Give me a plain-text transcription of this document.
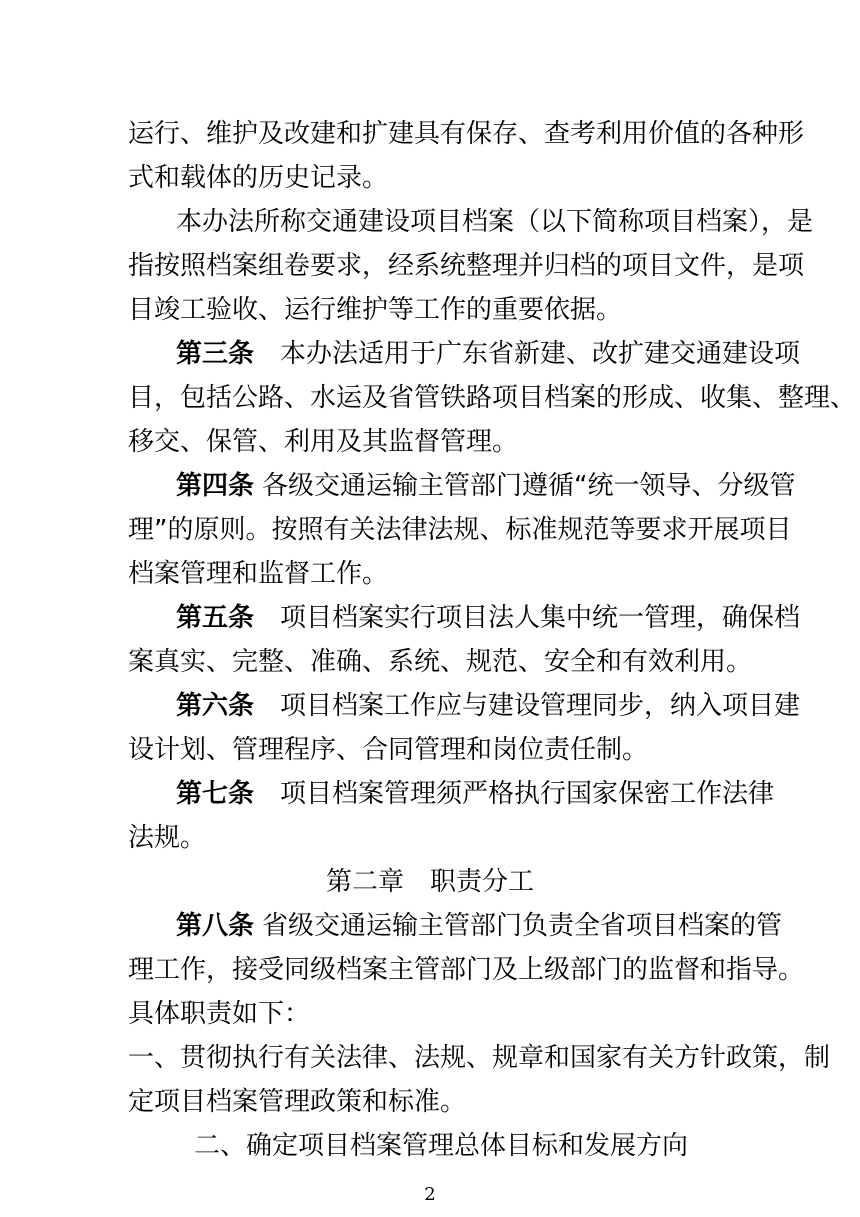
运行、维护及改建和扩建具有保存、查考利用价值的各种形
式和载体的历史记录。
本办法所称交通建设项目档案（以下简称项目档案），是
指按照档案组卷要求，经系统整理并归档的项目文件，是项
目竣工验收、运行维护等工作的重要依据。
第三条 本办法适用于广东省新建、改扩建交通建设项
目，包括公路、水运及省管铁路项目档案的形成、收集、整理、
移交、保管、利用及其监督管理。
第四条 各级交通运输主管部门遵循“统一领导、分级管
理”的原则。按照有关法律法规、标准规范等要求开展项目
档案管理和监督工作。
第五条 项目档案实行项目法人集中统一管理，确保档
案真实、完整、准确、系统、规范、安全和有效利用。
第六条 项目档案工作应与建设管理同步，纳入项目建
设计划、管理程序、合同管理和岗位责任制。
第七条 项目档案管理须严格执行国家保密工作法律
法规。
第二章　职责分工
第八条 省级交通运输主管部门负责全省项目档案的管
理工作，接受同级档案主管部门及上级部门的监督和指导。
具体职责如下：
一、贯彻执行有关法律、法规、规章和国家有关方针政策，制
定项目档案管理政策和标准。
二、确定项目档案管理总体目标和发展方向
2
